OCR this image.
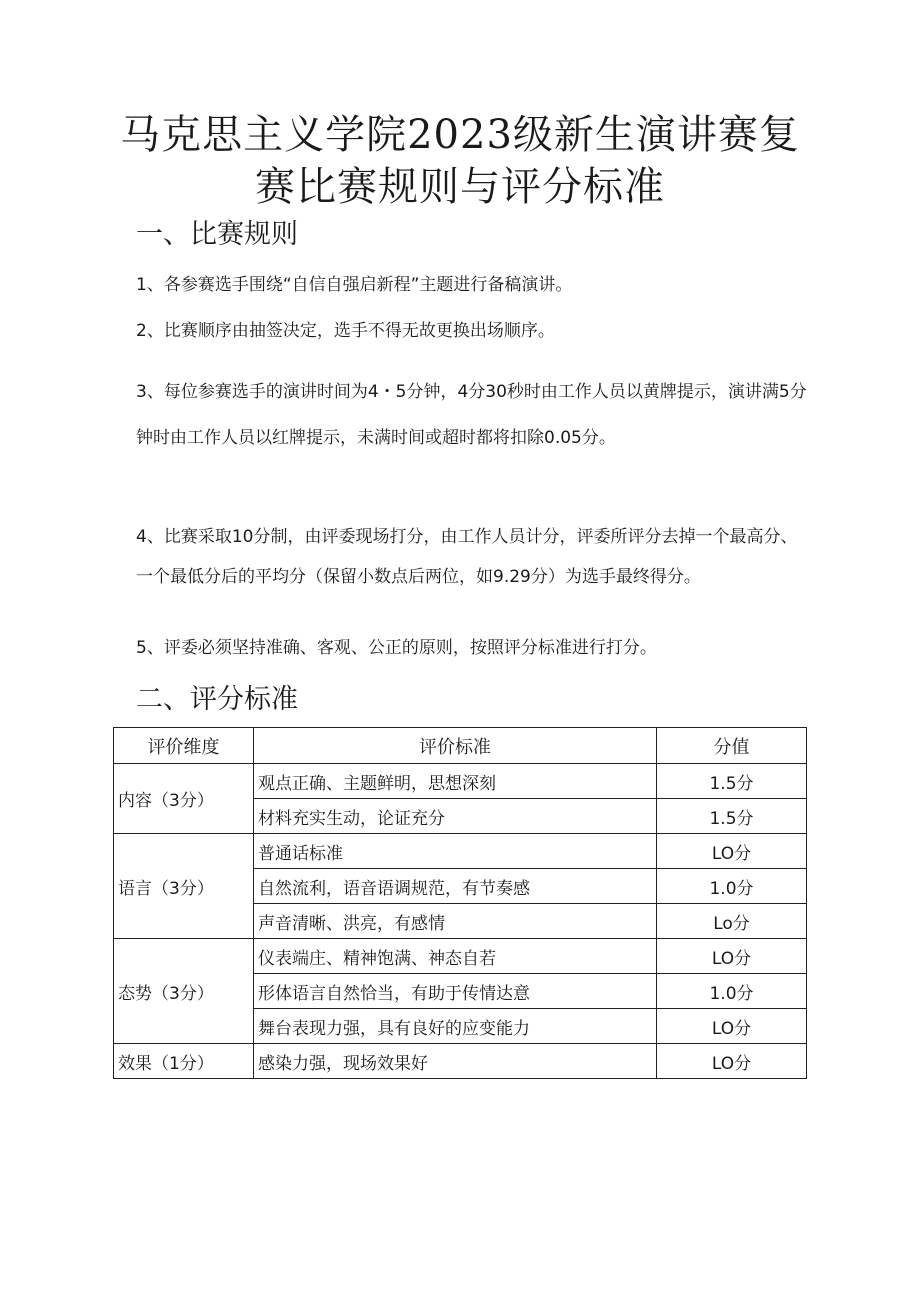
马克思主义学院2023级新生演讲赛复
赛比赛规则与评分标准
一、比赛规则
1、各参赛选手围绕“自信自强启新程”主题进行备稿演讲。
2、比赛顺序由抽签决定，选手不得无故更换出场顺序。
3、每位参赛选手的演讲时间为4・5分钟，4分30秒时由工作人员以黄牌提示，演讲满5分钟时由工作人员以红牌提示，未满时间或超时都将扣除0.05分。
4、比赛采取10分制，由评委现场打分，由工作人员计分，评委所评分去掉一个最高分、一个最低分后的平均分（保留小数点后两位，如9.29分）为选手最终得分。
5、评委必须坚持准确、客观、公正的原则，按照评分标准进行打分。
二、评分标准
评价维度	评价标准	分值
内容（3分）	观点正确、主题鲜明，思想深刻	1.5分
	材料充实生动，论证充分	1.5分
语言（3分）	普通话标准	LO分
	自然流利，语音语调规范，有节奏感	1.0分
	声音清晰、洪亮，有感情	Lo分
态势（3分）	仪表端庄、精神饱满、神态自若	LO分
	形体语言自然恰当，有助于传情达意	1.0分
	舞台表现力强，具有良好的应变能力	LO分
效果（1分）	感染力强，现场效果好	LO分
